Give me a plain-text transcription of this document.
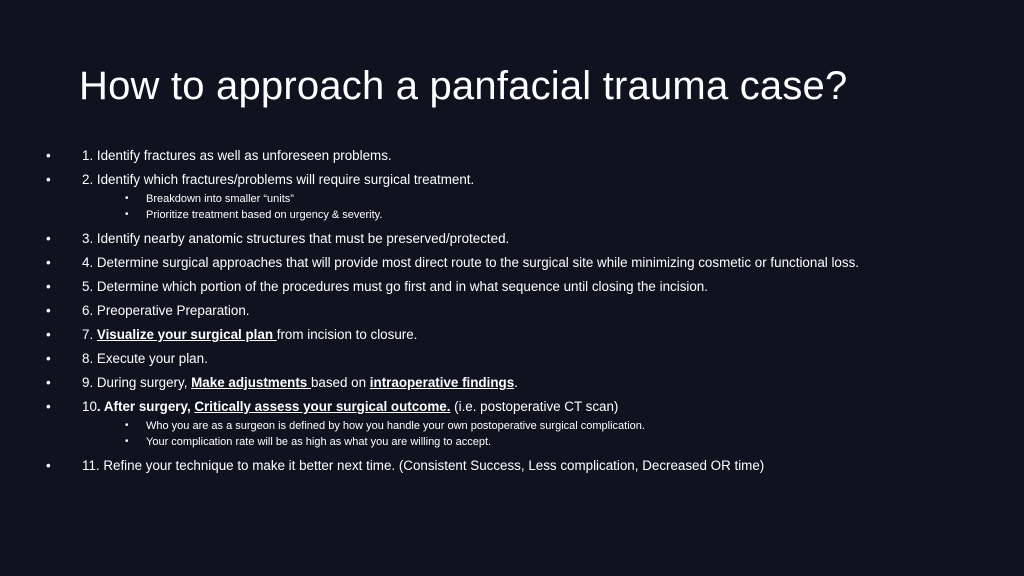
How to approach a panfacial trauma case?
• 1. Identify fractures as well as unforeseen problems.
• 2. Identify which fractures/problems will require surgical treatment.
• Breakdown into smaller “units”
• Prioritize treatment based on urgency & severity.
• 3. Identify nearby anatomic structures that must be preserved/protected.
• 4. Determine surgical approaches that will provide most direct route to the surgical site while minimizing cosmetic or functional loss.
• 5. Determine which portion of the procedures must go first and in what sequence until closing the incision.
• 6. Preoperative Preparation.
• 7. Visualize your surgical plan from incision to closure.
• 8. Execute your plan.
• 9. During surgery, Make adjustments based on intraoperative findings.
• 10. After surgery, Critically assess your surgical outcome. (i.e. postoperative CT scan)
• Who you are as a surgeon is defined by how you handle your own postoperative surgical complication.
• Your complication rate will be as high as what you are willing to accept.
• 11. Refine your technique to make it better next time. (Consistent Success, Less complication, Decreased OR time)
